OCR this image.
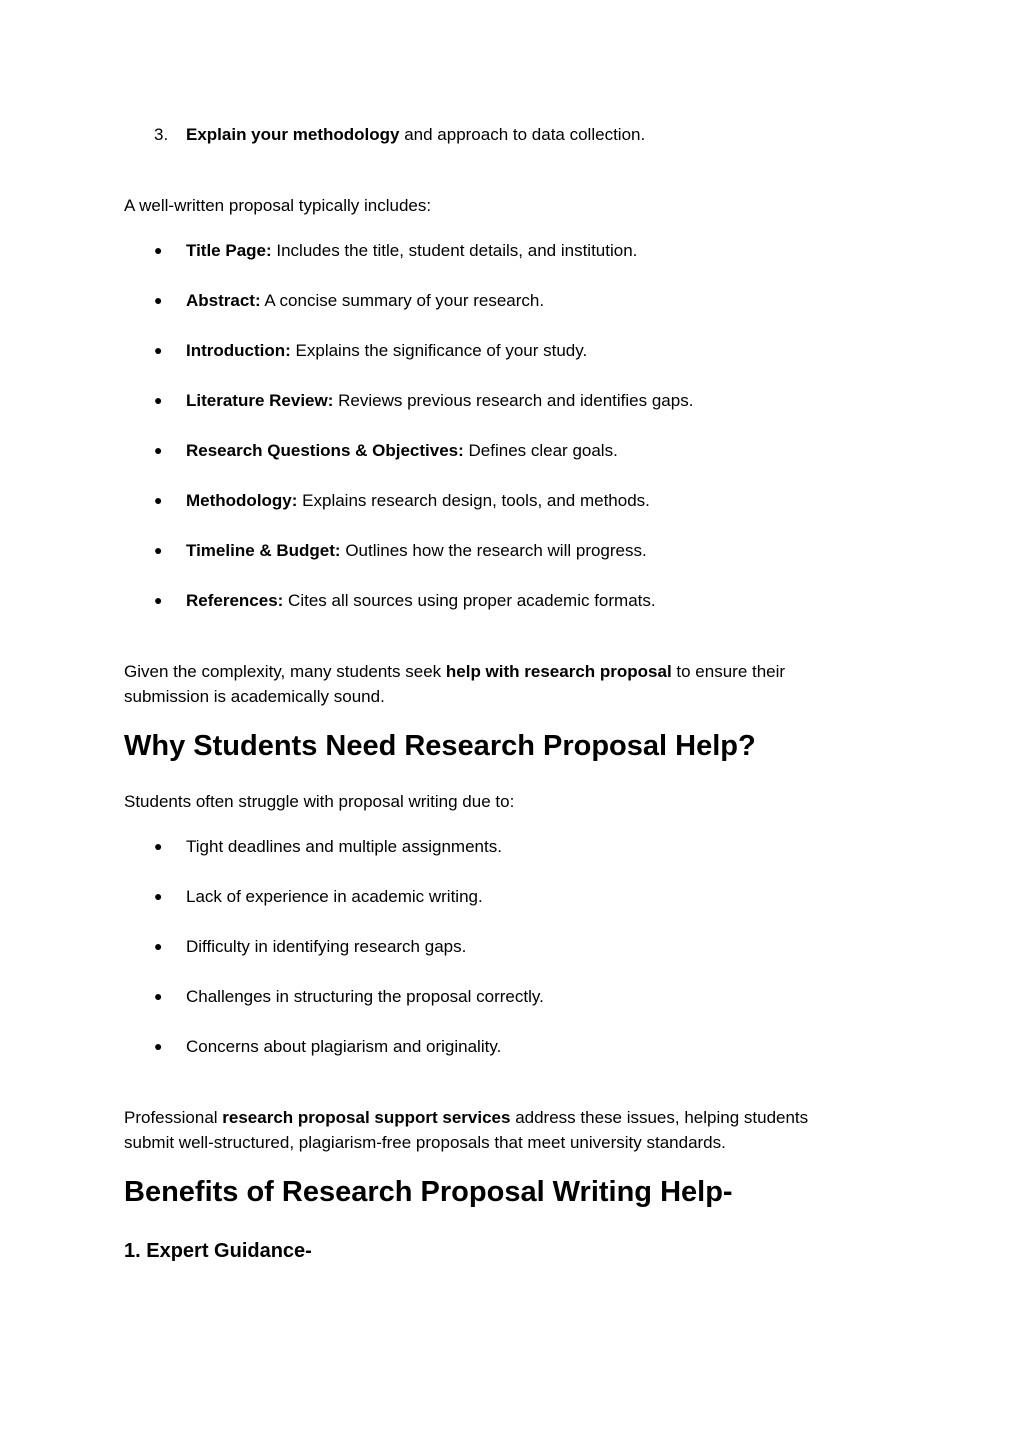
3. Explain your methodology and approach to data collection.
A well-written proposal typically includes:
● Title Page: Includes the title, student details, and institution.
● Abstract: A concise summary of your research.
● Introduction: Explains the significance of your study.
● Literature Review: Reviews previous research and identifies gaps.
● Research Questions & Objectives: Defines clear goals.
● Methodology: Explains research design, tools, and methods.
● Timeline & Budget: Outlines how the research will progress.
● References: Cites all sources using proper academic formats.
Given the complexity, many students seek help with research proposal to ensure their
submission is academically sound.
Why Students Need Research Proposal Help?
Students often struggle with proposal writing due to:
● Tight deadlines and multiple assignments.
● Lack of experience in academic writing.
● Difficulty in identifying research gaps.
● Challenges in structuring the proposal correctly.
● Concerns about plagiarism and originality.
Professional research proposal support services address these issues, helping students
submit well-structured, plagiarism-free proposals that meet university standards.
Benefits of Research Proposal Writing Help-
1. Expert Guidance-
